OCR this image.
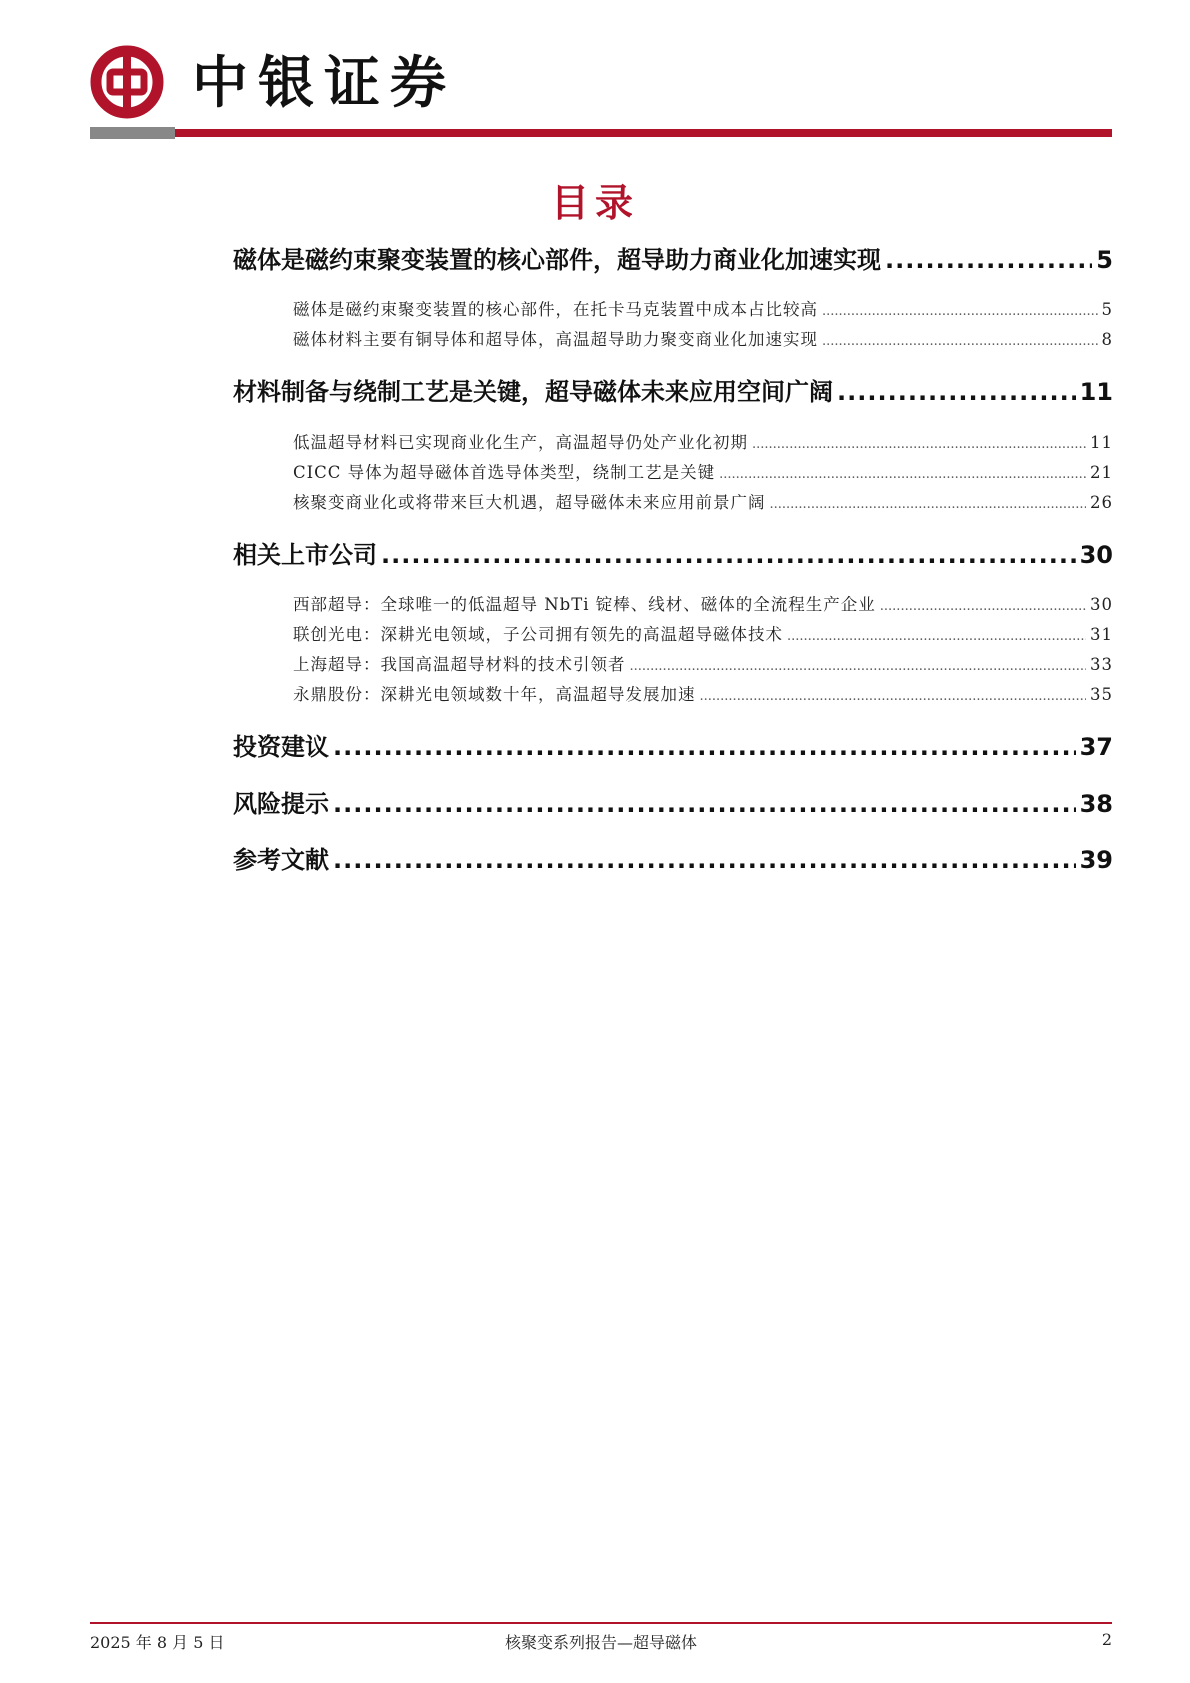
中银证券
目录
磁体是磁约束聚变装置的核心部件，超导助力商业化加速实现 .....	5
磁体是磁约束聚变装置的核心部件，在托卡马克装置中成本占比较高 .....	5
磁体材料主要有铜导体和超导体，高温超导助力聚变商业化加速实现 .....	8
材料制备与绕制工艺是关键，超导磁体未来应用空间广阔 .....	11
低温超导材料已实现商业化生产，高温超导仍处产业化初期 .....	11
CICC 导体为超导磁体首选导体类型，绕制工艺是关键 .....	21
核聚变商业化或将带来巨大机遇，超导磁体未来应用前景广阔 .....	26
相关上市公司 .....	30
西部超导：全球唯一的低温超导 NbTi 锭棒、线材、磁体的全流程生产企业 .....	30
联创光电：深耕光电领域，子公司拥有领先的高温超导磁体技术 .....	31
上海超导：我国高温超导材料的技术引领者 .....	33
永鼎股份：深耕光电领域数十年，高温超导发展加速 .....	35
投资建议 .....	37
风险提示 .....	38
参考文献 .....	39
2025 年 8 月 5 日	核聚变系列报告—超导磁体	2
